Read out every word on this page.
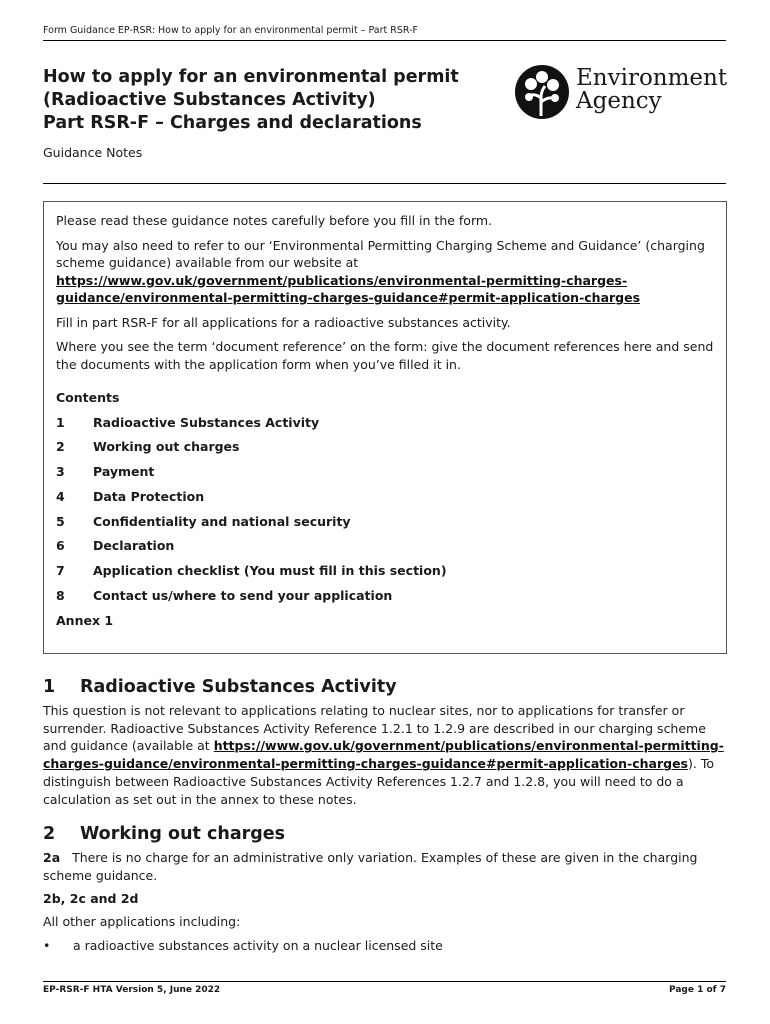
Form Guidance EP-RSR: How to apply for an environmental permit – Part RSR-F
How to apply for an environmental permit
(Radioactive Substances Activity)
Part RSR-F – Charges and declarations
Guidance Notes
Environment
Agency

Please read these guidance notes carefully before you fill in the form.

You may also need to refer to our ‘Environmental Permitting Charging Scheme and Guidance’ (charging scheme guidance) available from our website at https://www.gov.uk/government/publications/environmental-permitting-charges-guidance/environmental-permitting-charges-guidance#permit-application-charges

Fill in part RSR-F for all applications for a radioactive substances activity.

Where you see the term ‘document reference’ on the form: give the document references here and send the documents with the application form when you’ve filled it in.

Contents
1	Radioactive Substances Activity
2	Working out charges
3	Payment
4	Data Protection
5	Confidentiality and national security
6	Declaration
7	Application checklist (You must fill in this section)
8	Contact us/where to send your application
Annex 1
1	Radioactive Substances Activity

This question is not relevant to applications relating to nuclear sites, nor to applications for transfer or surrender. Radioactive Substances Activity Reference 1.2.1 to 1.2.9 are described in our charging scheme and guidance (available at https://www.gov.uk/government/publications/environmental-permitting-charges-guidance/environmental-permitting-charges-guidance#permit-application-charges). To distinguish between Radioactive Substances Activity References 1.2.7 and 1.2.8, you will need to do a calculation as set out in the annex to these notes.

2	Working out charges

2a There is no charge for an administrative only variation. Examples of these are given in the charging scheme guidance.

2b, 2c and 2d

All other applications including:

•	a radioactive substances activity on a nuclear licensed site
EP-RSR-F HTA Version 5, June 2022	Page 1 of 7
